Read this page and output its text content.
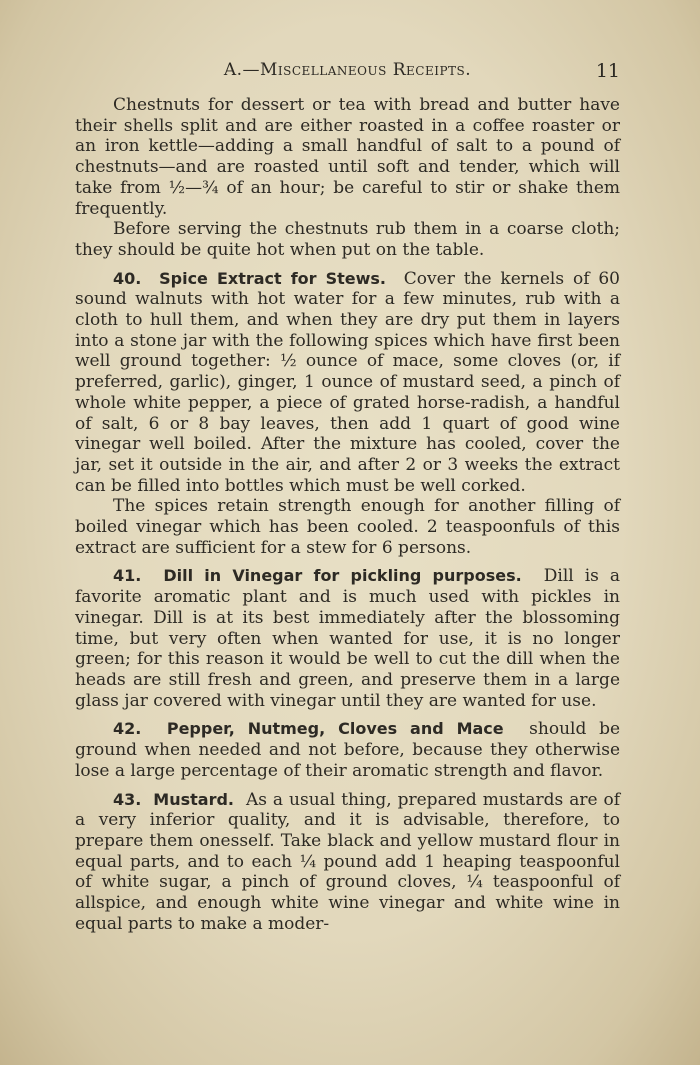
A.—Miscellaneous Receipts.	11

Chestnuts for dessert or tea with bread and butter have their shells split and are either roasted in a coffee roaster or an iron kettle—adding a small handful of salt to a pound of chestnuts—and are roasted until soft and tender, which will take from ½—¾ of an hour; be careful to stir or shake them frequently.

Before serving the chestnuts rub them in a coarse cloth; they should be quite hot when put on the table.

40. Spice Extract for Stews. Cover the kernels of 60 sound walnuts with hot water for a few minutes, rub with a cloth to hull them, and when they are dry put them in layers into a stone jar with the following spices which have first been well ground together: ½ ounce of mace, some cloves (or, if preferred, garlic), ginger, 1 ounce of mustard seed, a pinch of whole white pepper, a piece of grated horse-radish, a handful of salt, 6 or 8 bay leaves, then add 1 quart of good wine vinegar well boiled. After the mixture has cooled, cover the jar, set it outside in the air, and after 2 or 3 weeks the extract can be filled into bottles which must be well corked.

The spices retain strength enough for another filling of boiled vinegar which has been cooled. 2 teaspoonfuls of this extract are sufficient for a stew for 6 persons.

41. Dill in Vinegar for pickling purposes. Dill is a favorite aromatic plant and is much used with pickles in vinegar. Dill is at its best immediately after the blossoming time, but very often when wanted for use, it is no longer green; for this reason it would be well to cut the dill when the heads are still fresh and green, and preserve them in a large glass jar covered with vinegar until they are wanted for use.

42. Pepper, Nutmeg, Cloves and Mace should be ground when needed and not before, because they otherwise lose a large percentage of their aromatic strength and flavor.

43. Mustard. As a usual thing, prepared mustards are of a very inferior quality, and it is advisable, therefore, to prepare them onesself. Take black and yellow mustard flour in equal parts, and to each ¼ pound add 1 heaping teaspoonful of white sugar, a pinch of ground cloves, ¼ teaspoonful of allspice, and enough white wine vinegar and white wine in equal parts to make a moder-
